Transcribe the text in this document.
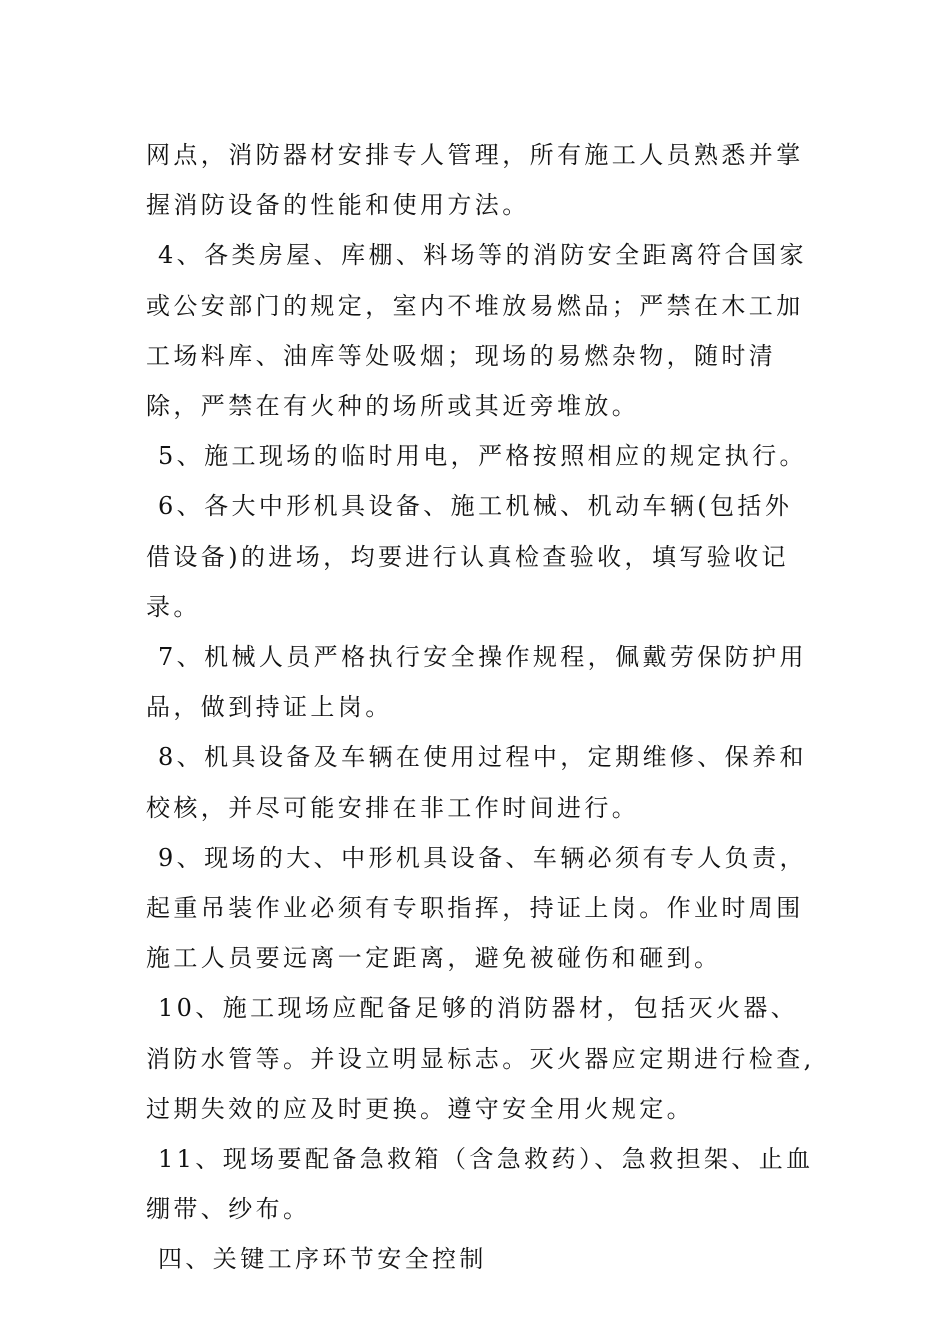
网点，消防器材安排专人管理，所有施工人员熟悉并掌握消防设备的性能和使用方法。

4、各类房屋、库棚、料场等的消防安全距离符合国家或公安部门的规定，室内不堆放易燃品；严禁在木工加工场料库、油库等处吸烟；现场的易燃杂物，随时清除，严禁在有火种的场所或其近旁堆放。

5、施工现场的临时用电，严格按照相应的规定执行。

6、各大中形机具设备、施工机械、机动车辆(包括外借设备)的进场，均要进行认真检查验收，填写验收记录。

7、机械人员严格执行安全操作规程，佩戴劳保防护用品，做到持证上岗。

8、机具设备及车辆在使用过程中，定期维修、保养和校核，并尽可能安排在非工作时间进行。

9、现场的大、中形机具设备、车辆必须有专人负责，起重吊装作业必须有专职指挥，持证上岗。作业时周围施工人员要远离一定距离，避免被碰伤和砸到。

10、施工现场应配备足够的消防器材，包括灭火器、消防水管等。并设立明显标志。灭火器应定期进行检查,过期失效的应及时更换。遵守安全用火规定。

11、现场要配备急救箱（含急救药）、急救担架、止血绷带、纱布。

四、关键工序环节安全控制
